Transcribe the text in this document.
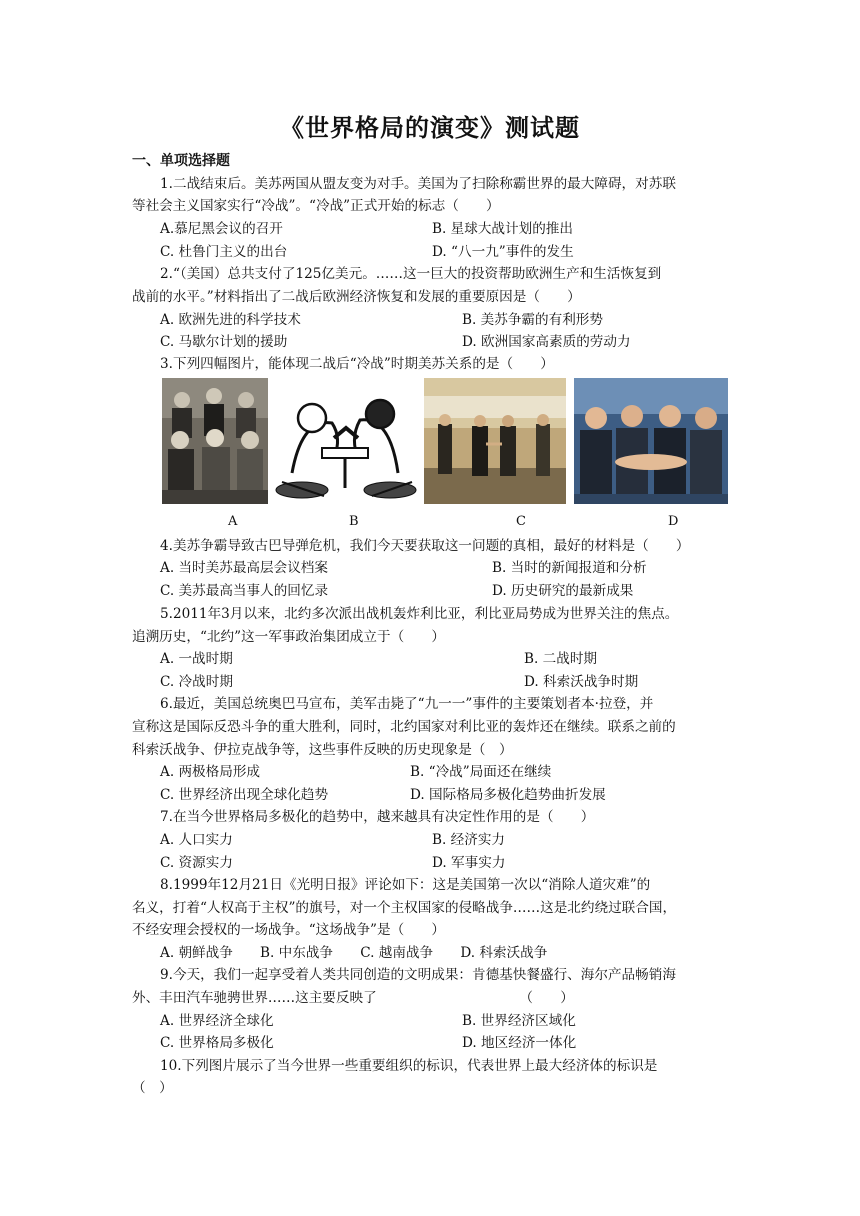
《世界格局的演变》测试题
一、单项选择题
1.二战结束后。美苏两国从盟友变为对手。美国为了扫除称霸世界的最大障碍，对苏联
等社会主义国家实行“冷战”。“冷战”正式开始的标志（　　）
A.慕尼黑会议的召开	B. 星球大战计划的推出
C. 杜鲁门主义的出台	D. “八一九”事件的发生
2.“（美国）总共支付了125亿美元。……这一巨大的投资帮助欧洲生产和生活恢复到
战前的水平。”材料指出了二战后欧洲经济恢复和发展的重要原因是（　　）
A. 欧洲先进的科学技术	B. 美苏争霸的有利形势
C. 马歇尔计划的援助	D. 欧洲国家高素质的劳动力
3.下列四幅图片，能体现二战后“冷战”时期美苏关系的是（　　）
A	B	C	D
4.美苏争霸导致古巴导弹危机，我们今天要获取这一问题的真相，最好的材料是（　　）
A. 当时美苏最高层会议档案	B. 当时的新闻报道和分析
C. 美苏最高当事人的回忆录	D. 历史研究的最新成果
5.2011年3月以来，北约多次派出战机轰炸利比亚，利比亚局势成为世界关注的焦点。
追溯历史，“北约”这一军事政治集团成立于（　　）
A. 一战时期	B. 二战时期
C. 冷战时期	D. 科索沃战争时期
6.最近，美国总统奥巴马宣布，美军击毙了“九一一”事件的主要策划者本·拉登，并
宣称这是国际反恐斗争的重大胜利，同时，北约国家对利比亚的轰炸还在继续。联系之前的
科索沃战争、伊拉克战争等，这些事件反映的历史现象是（　）
A. 两极格局形成	B. “冷战”局面还在继续
C. 世界经济出现全球化趋势	D. 国际格局多极化趋势曲折发展
7.在当今世界格局多极化的趋势中，越来越具有决定性作用的是（　　）
A. 人口实力	B. 经济实力
C. 资源实力	D. 军事实力
8.1999年12月21日《光明日报》评论如下：这是美国第一次以“消除人道灾难”的
名义，打着“人权高于主权”的旗号，对一个主权国家的侵略战争……这是北约绕过联合国，
不经安理会授权的一场战争。“这场战争”是（　　）
A. 朝鲜战争　　B. 中东战争　　C. 越南战争　　D. 科索沃战争
9.今天，我们一起享受着人类共同创造的文明成果：肯德基快餐盛行、海尔产品畅销海
外、丰田汽车驰骋世界……这主要反映了　　　　　　　　　　　（　　）
A. 世界经济全球化	B. 世界经济区域化
C. 世界格局多极化	D. 地区经济一体化
10.下列图片展示了当今世界一些重要组织的标识，代表世界上最大经济体的标识是
（　）
